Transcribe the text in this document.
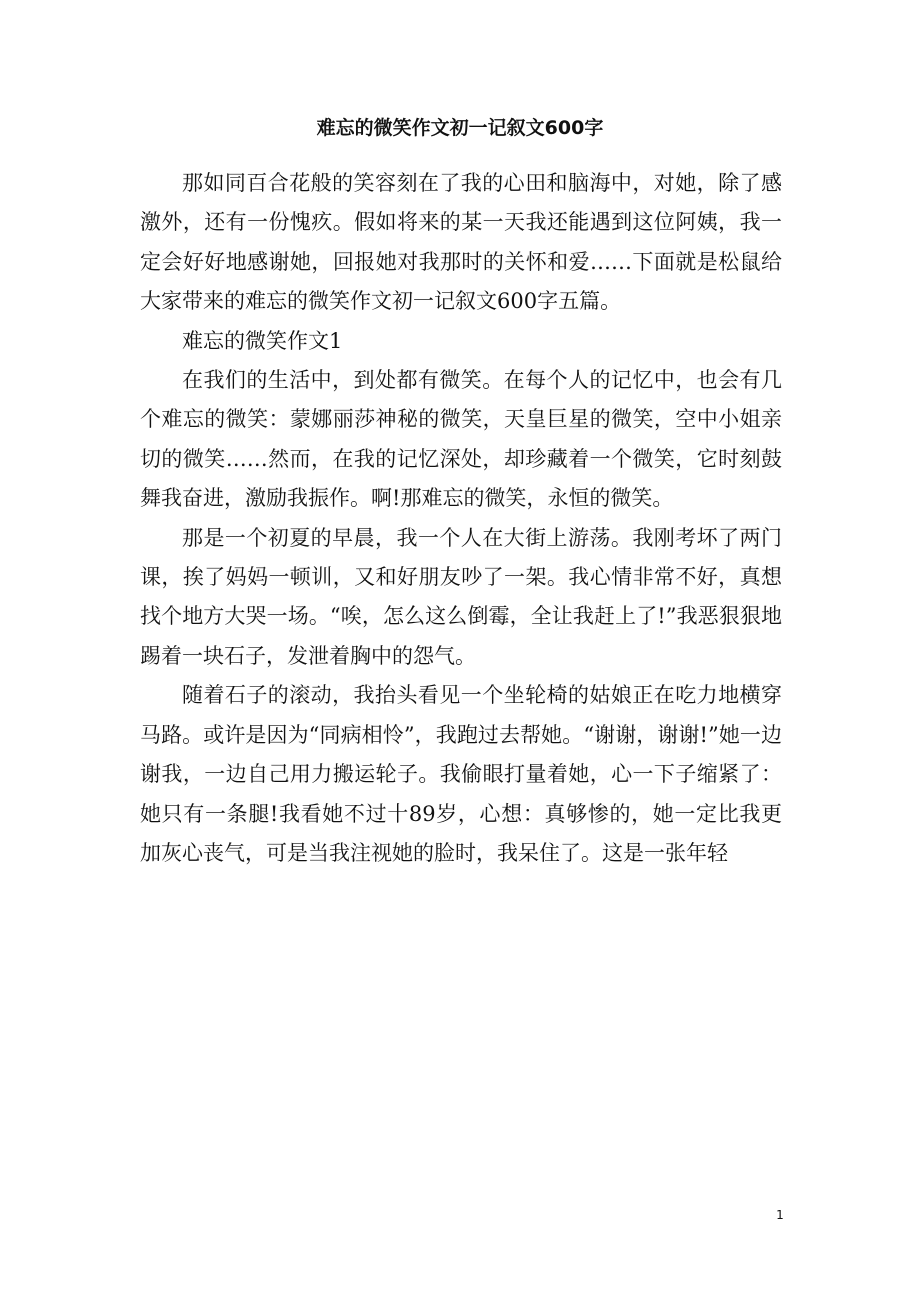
难忘的微笑作文初一记叙文600字

那如同百合花般的笑容刻在了我的心田和脑海中，对她，除了感激外，还有一份愧疚。假如将来的某一天我还能遇到这位阿姨，我一定会好好地感谢她，回报她对我那时的关怀和爱……下面就是松鼠给大家带来的难忘的微笑作文初一记叙文600字五篇。

难忘的微笑作文1

在我们的生活中，到处都有微笑。在每个人的记忆中，也会有几个难忘的微笑：蒙娜丽莎神秘的微笑，天皇巨星的微笑，空中小姐亲切的微笑……然而，在我的记忆深处，却珍藏着一个微笑，它时刻鼓舞我奋进，激励我振作。啊!那难忘的微笑，永恒的微笑。

那是一个初夏的早晨，我一个人在大街上游荡。我刚考坏了两门课，挨了妈妈一顿训，又和好朋友吵了一架。我心情非常不好，真想找个地方大哭一场。“唉，怎么这么倒霉，全让我赶上了!”我恶狠狠地踢着一块石子，发泄着胸中的怨气。

随着石子的滚动，我抬头看见一个坐轮椅的姑娘正在吃力地横穿马路。或许是因为“同病相怜”，我跑过去帮她。“谢谢，谢谢!”她一边谢我，一边自己用力搬运轮子。我偷眼打量着她，心一下子缩紧了：她只有一条腿!我看她不过十89岁，心想：真够惨的，她一定比我更加灰心丧气，可是当我注视她的脸时，我呆住了。这是一张年轻

1
